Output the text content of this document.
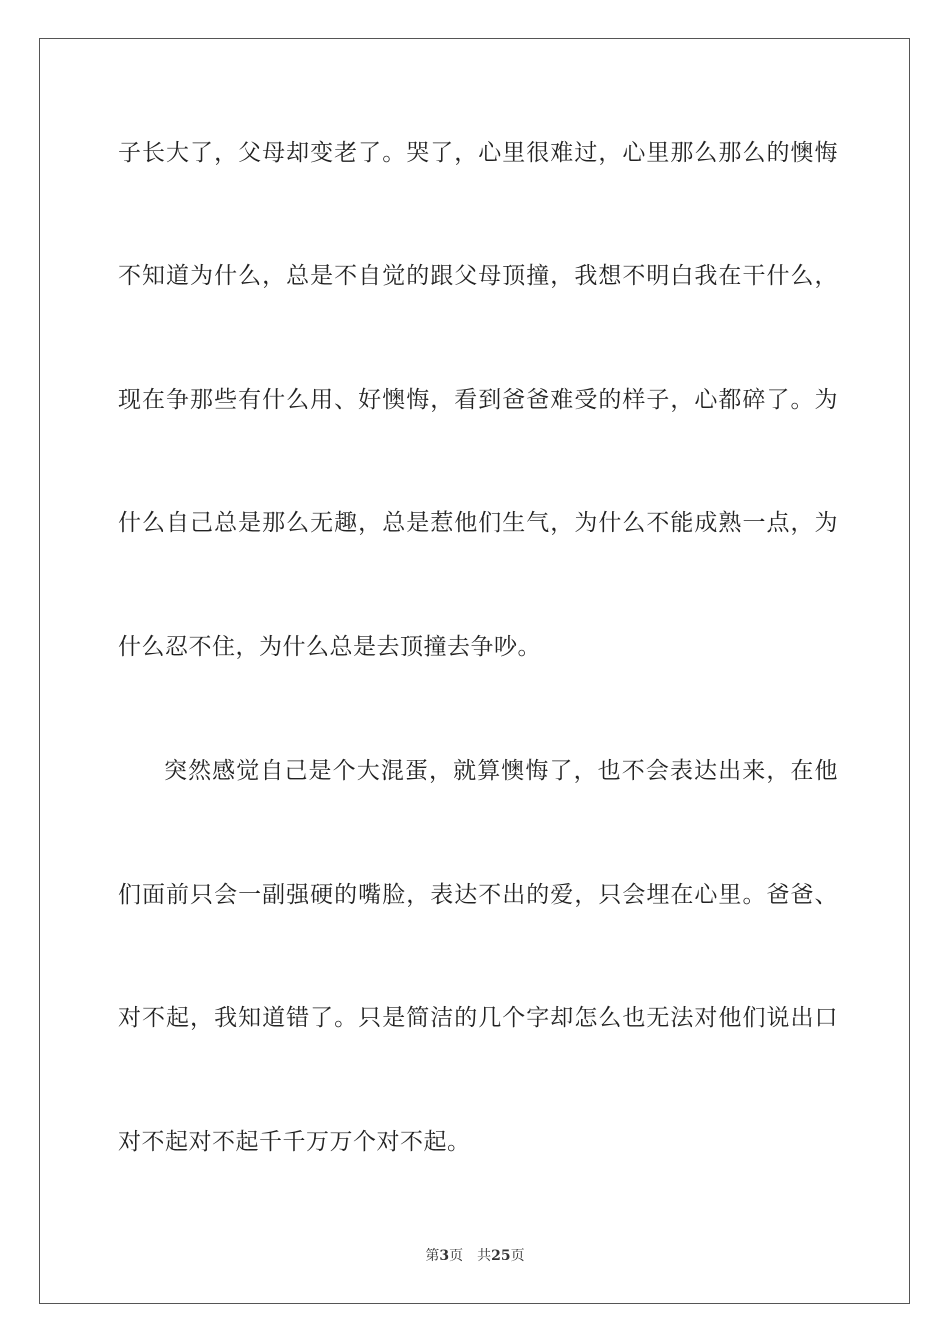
子长大了，父母却变老了。哭了，心里很难过，心里那么那么的懊悔
不知道为什么，总是不自觉的跟父母顶撞，我想不明白我在干什么，
现在争那些有什么用、好懊悔，看到爸爸难受的样子，心都碎了。为
什么自己总是那么无趣，总是惹他们生气，为什么不能成熟一点，为
什么忍不住，为什么总是去顶撞去争吵。
突然感觉自己是个大混蛋，就算懊悔了，也不会表达出来，在他
们面前只会一副强硬的嘴脸，表达不出的爱，只会埋在心里。爸爸、
对不起，我知道错了。只是简洁的几个字却怎么也无法对他们说出口
对不起对不起千千万万个对不起。
第3页 共25页
